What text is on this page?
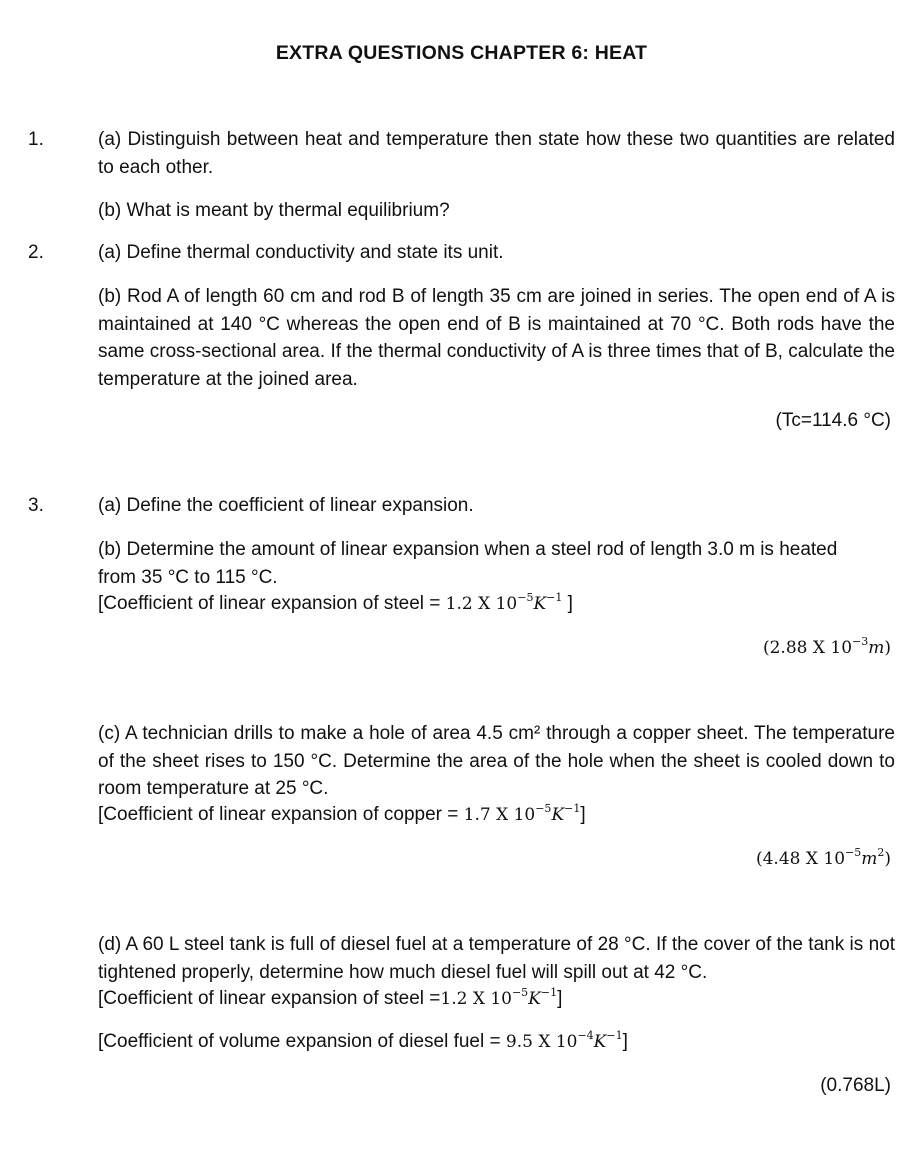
EXTRA QUESTIONS CHAPTER 6: HEAT
1.	(a) Distinguish between heat and temperature then state how these two quantities are related to each other.
(b) What is meant by thermal equilibrium?
2.	(a) Define thermal conductivity and state its unit.
(b) Rod A of length 60 cm and rod B of length 35 cm are joined in series. The open end of A is maintained at 140 °C whereas the open end of B is maintained at 70 °C. Both rods have the same cross-sectional area. If the thermal conductivity of A is three times that of B, calculate the temperature at the joined area.
(Tc=114.6 °C)
3.	(a) Define the coefficient of linear expansion.
(b) Determine the amount of linear expansion when a steel rod of length 3.0 m is heated from 35 °C to 115 °C.
[Coefficient of linear expansion of steel = 1.2 X $10^{-5}K^{-1}$ ]
(2.88 X $10^{-3}m$)
(c) A technician drills to make a hole of area 4.5 cm² through a copper sheet. The temperature of the sheet rises to 150 °C. Determine the area of the hole when the sheet is cooled down to room temperature at 25 °C.
[Coefficient of linear expansion of copper = 1.7 X $10^{-5}K^{-1}$]
(4.48 X $10^{-5}m^2$)
(d) A 60 L steel tank is full of diesel fuel at a temperature of 28 °C. If the cover of the tank is not tightened properly, determine how much diesel fuel will spill out at 42 °C.
[Coefficient of linear expansion of steel =1.2 X $10^{-5}K^{-1}$]
[Coefficient of volume expansion of diesel fuel = 9.5 X $10^{-4}K^{-1}$]
(0.768L)
